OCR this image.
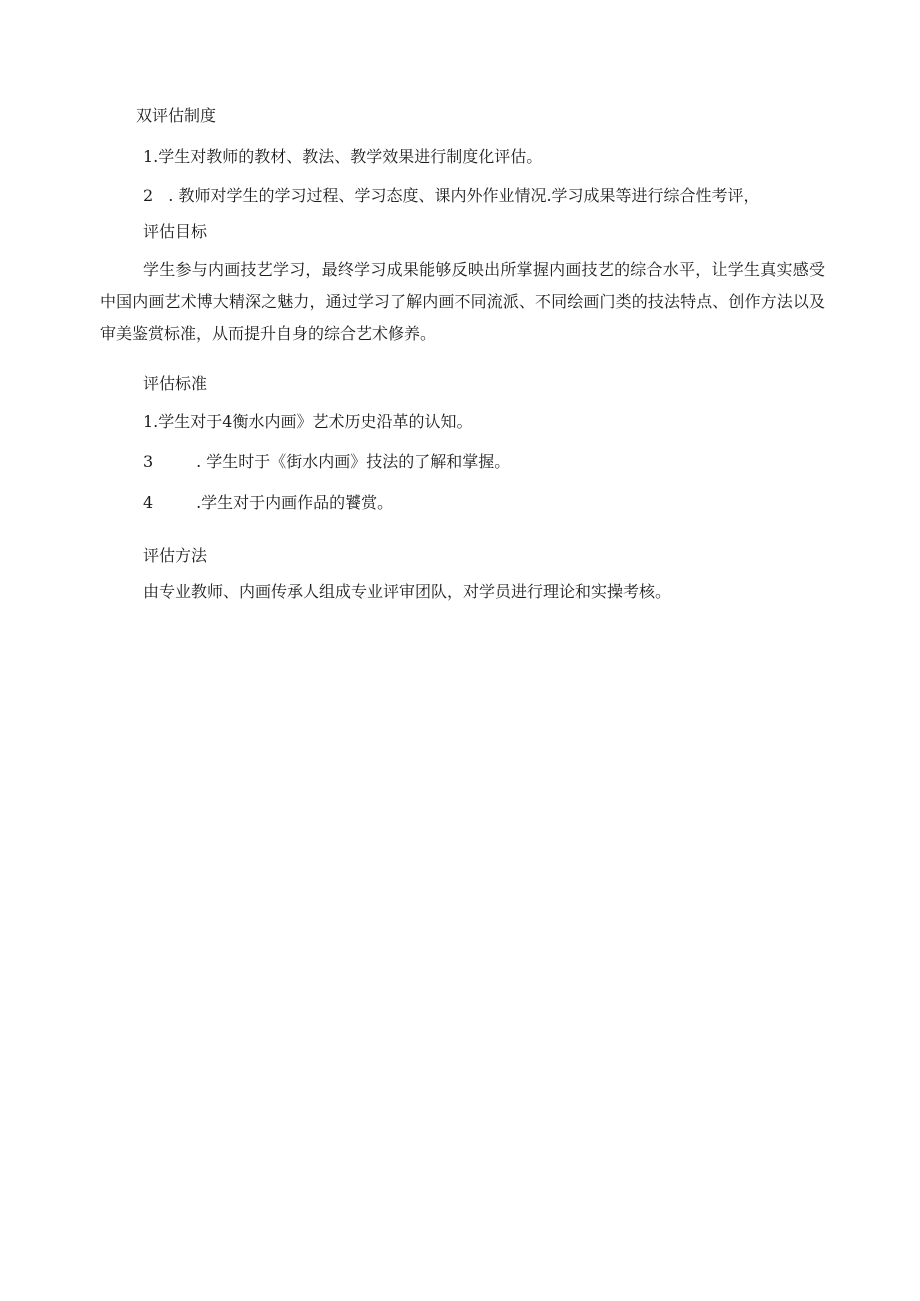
双评估制度
1.学生对教师的教材、教法、教学效果进行制度化评估。
2 . 教师对学生的学习过程、学习态度、课内外作业情况.学习成果等进行综合性考评，
评估目标
学生参与内画技艺学习，最终学习成果能够反映出所掌握内画技艺的综合水平，让学生真实感受中国内画艺术博大精深之魅力，通过学习了解内画不同流派、不同绘画门类的技法特点、创作方法以及审美鉴赏标准，从而提升自身的综合艺术修养。
评估标准
1.学生对于4衡水内画》艺术历史沿革的认知。
3	. 学生时于《街水内画》技法的了解和掌握。
4	.学生对于内画作品的饕赏。
评估方法
由专业教师、内画传承人组成专业评审团队，对学员进行理论和实操考核。
